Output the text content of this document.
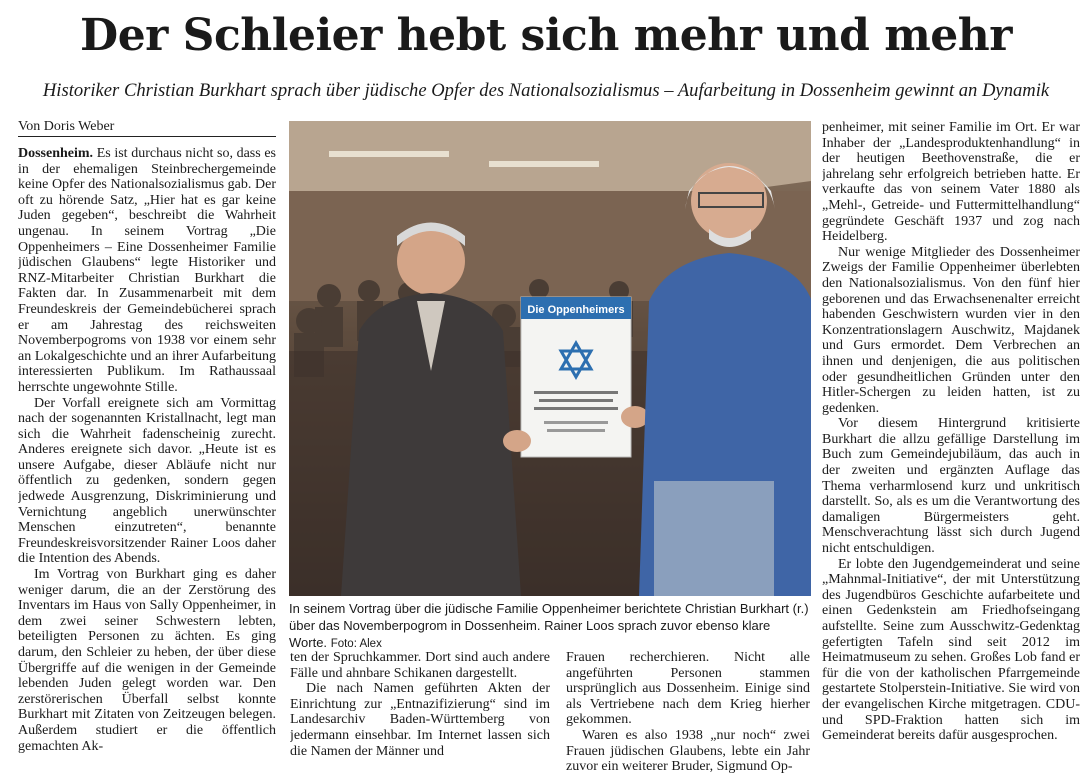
Der Schleier hebt sich mehr und mehr
Historiker Christian Burkhart sprach über jüdische Opfer des Nationalsozialismus – Aufarbeitung in Dossenheim gewinnt an Dynamik
Von Doris Weber

Dossenheim. Es ist durchaus nicht so, dass es in der ehemaligen Steinbrechergemeinde keine Opfer des Nationalsozialismus gab. Der oft zu hörende Satz, „Hier hat es gar keine Juden gegeben“, beschreibt die Wahrheit ungenau. In seinem Vortrag „Die Oppenheimers – Eine Dossenheimer Familie jüdischen Glaubens“ legte Historiker und RNZ-Mitarbeiter Christian Burkhart die Fakten dar. In Zusammenarbeit mit dem Freundeskreis der Gemeindebücherei sprach er am Jahrestag des reichsweiten Novemberpogroms von 1938 vor einem sehr an Lokalgeschichte und an ihrer Aufarbeitung interessierten Publikum. Im Rathaussaal herrschte ungewohnte Stille.

Der Vorfall ereignete sich am Vormittag nach der sogenannten Kristallnacht, legt man sich die Wahrheit fadenscheinig zurecht. Anderes ereignete sich davor. „Heute ist es unsere Aufgabe, dieser Abläufe nicht nur öffentlich zu gedenken, sondern gegen jedwede Ausgrenzung, Diskriminierung und Vernichtung angeblich unerwünschter Menschen einzutreten“, benannte Freundeskreisvorsitzender Rainer Loos daher die Intention des Abends.

Im Vortrag von Burkhart ging es daher weniger darum, die an der Zerstörung des Inventars im Haus von Sally Oppenheimer, in dem zwei seiner Schwestern lebten, beteiligten Personen zu ächten. Es ging darum, den Schleier zu heben, der über diese Übergriffe auf die wenigen in der Gemeinde lebenden Juden gelegt worden war. Den zerstörerischen Überfall selbst konnte Burkhart mit Zitaten von Zeitzeugen belegen. Außerdem studiert er die öffentlich gemachten Ak-

Die Oppenheimers
In seinem Vortrag über die jüdische Familie Oppenheimer berichtete Christian Burkhart (r.) über das Novemberpogrom in Dossenheim. Rainer Loos sprach zuvor ebenso klare Worte. Foto: Alex

ten der Spruchkammer. Dort sind auch andere Fälle und ahnbare Schikanen dargestellt.

Die nach Namen geführten Akten der Einrichtung zur „Entnazifizierung“ sind im Landesarchiv Baden-Württemberg von jedermann einsehbar. Im Internet lassen sich die Namen der Männer und

Frauen recherchieren. Nicht alle angeführten Personen stammen ursprünglich aus Dossenheim. Einige sind als Vertriebene nach dem Krieg hierher gekommen.

Waren es also 1938 „nur noch“ zwei Frauen jüdischen Glaubens, lebte ein Jahr zuvor ein weiterer Bruder, Sigmund Op-

penheimer, mit seiner Familie im Ort. Er war Inhaber der „Landesproduktenhandlung“ in der heutigen Beethovenstraße, die er jahrelang sehr erfolgreich betrieben hatte. Er verkaufte das von seinem Vater 1880 als „Mehl-, Getreide- und Futtermittelhandlung“ gegründete Geschäft 1937 und zog nach Heidelberg.

Nur wenige Mitglieder des Dossenheimer Zweigs der Familie Oppenheimer überlebten den Nationalsozialismus. Von den fünf hier geborenen und das Erwachsenenalter erreicht habenden Geschwistern wurden vier in den Konzentrationslagern Auschwitz, Majdanek und Gurs ermordet. Dem Verbrechen an ihnen und denjenigen, die aus politischen oder gesundheitlichen Gründen unter den Hitler-Schergen zu leiden hatten, ist zu gedenken.

Vor diesem Hintergrund kritisierte Burkhart die allzu gefällige Darstellung im Buch zum Gemeindejubiläum, das auch in der zweiten und ergänzten Auflage das Thema verharmlosend kurz und unkritisch darstellt. So, als es um die Verantwortung des damaligen Bürgermeisters geht. Menschverachtung lässt sich durch Jugend nicht entschuldigen.

Er lobte den Jugendgemeinderat und seine „Mahnmal-Initiative“, der mit Unterstützung des Jugendbüros Geschichte aufarbeitete und einen Gedenkstein am Friedhofseingang aufstellte. Seine zum Ausschwitz-Gedenktag gefertigten Tafeln sind seit 2012 im Heimatmuseum zu sehen. Großes Lob fand er für die von der katholischen Pfarrgemeinde gestartete Stolperstein-Initiative. Sie wird von der evangelischen Kirche mitgetragen. CDU- und SPD-Fraktion hatten sich im Gemeinderat bereits dafür ausgesprochen.
